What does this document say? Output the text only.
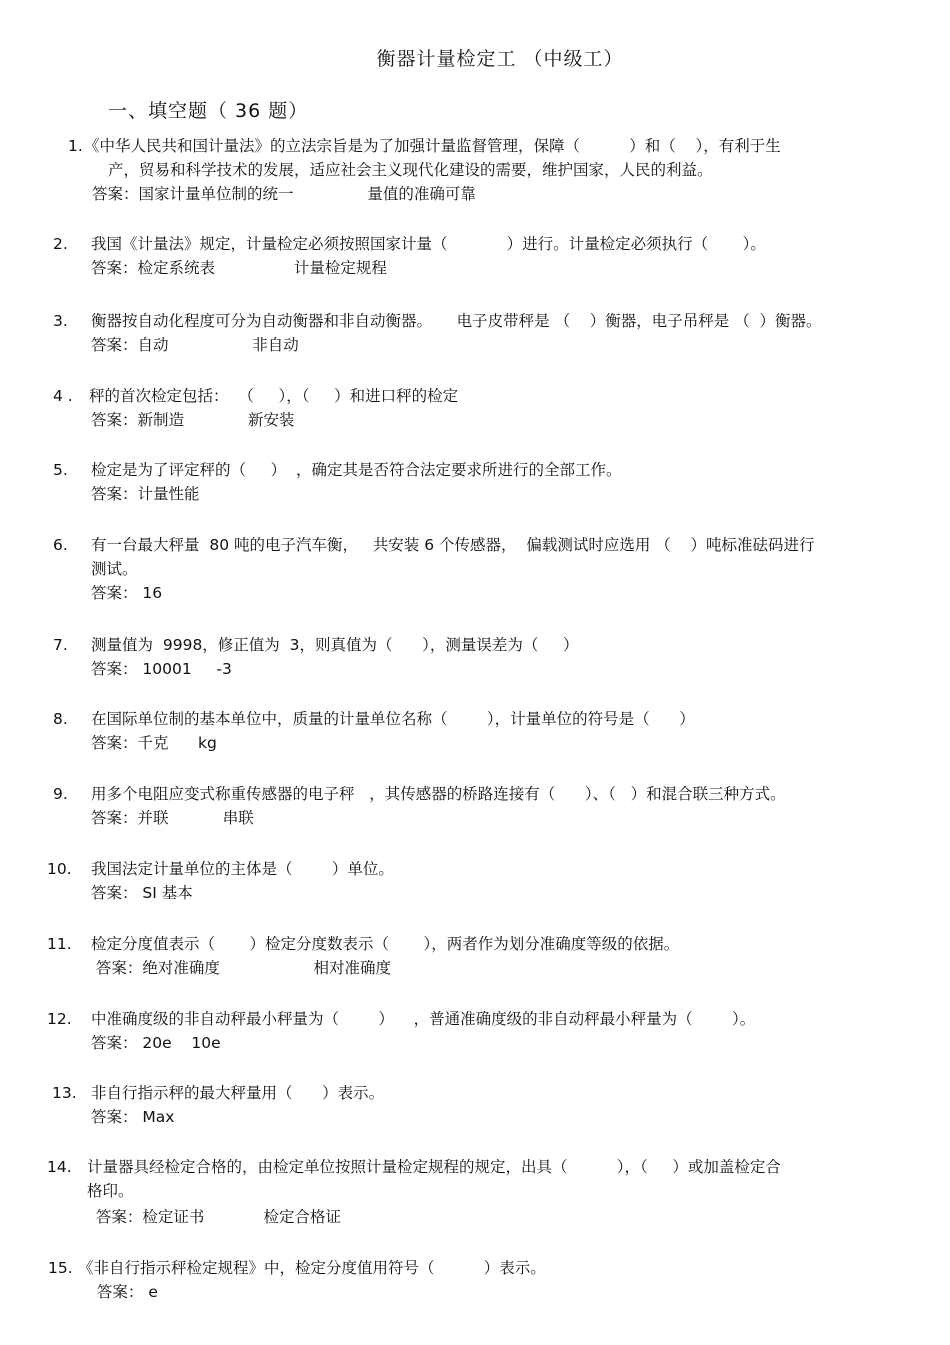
衡器计量检定工 （中级工）
一、填空题（ 36 题）
1. 《中华人民共和国计量法》的立法宗旨是为了加强计量监督管理，保障（          ）和（    ），有利于生
产，贸易和科学技术的发展，适应社会主义现代化建设的需要，维护国家，人民的利益。
答案：国家计量单位制的统一               量值的准确可靠
2. 我国《计量法》规定，计量检定必须按照国家计量（            ）进行。计量检定必须执行（       ）。
答案：检定系统表                计量检定规程
3. 衡器按自动化程度可分为自动衡器和非自动衡器。     电子皮带秤是 （    ）衡器，电子吊秤是 （  ）衡器。
答案：自动                 非自动
4 . 秤的首次检定包括：  （     ），（     ）和进口秤的检定
答案：新制造             新安装
5. 检定是为了评定秤的（     ）  ，确定其是否符合法定要求所进行的全部工作。
答案：计量性能
6. 有一台最大秤量  80 吨的电子汽车衡，   共安装 6 个传感器，  偏载测试时应选用 （    ）吨标准砝码进行
测试。
答案： 16
7. 测量值为  9998，修正值为  3，则真值为（      ），测量误差为（     ）
答案： 10001     -3
8. 在国际单位制的基本单位中，质量的计量单位名称（        ），计量单位的符号是（      ）
答案：千克      kg
9. 用多个电阻应变式称重传感器的电子秤   ，其传感器的桥路连接有（      ）、（   ）和混合联三种方式。
答案：并联           串联
10. 我国法定计量单位的主体是（        ）单位。
答案： SI 基本
11. 检定分度值表示（       ）检定分度数表示（       ），两者作为划分准确度等级的依据。
答案：绝对准确度                   相对准确度
12. 中准确度级的非自动秤最小秤量为（        ）    ，普通准确度级的非自动秤最小秤量为（        ）。
答案： 20e    10e
13. 非自行指示秤的最大秤量用（      ）表示。
答案： Max
14. 计量器具经检定合格的，由检定单位按照计量检定规程的规定，出具（          ），（     ）或加盖检定合
格印。
答案：检定证书            检定合格证
15. 《非自行指示秤检定规程》中，检定分度值用符号（          ）表示。
答案： e
